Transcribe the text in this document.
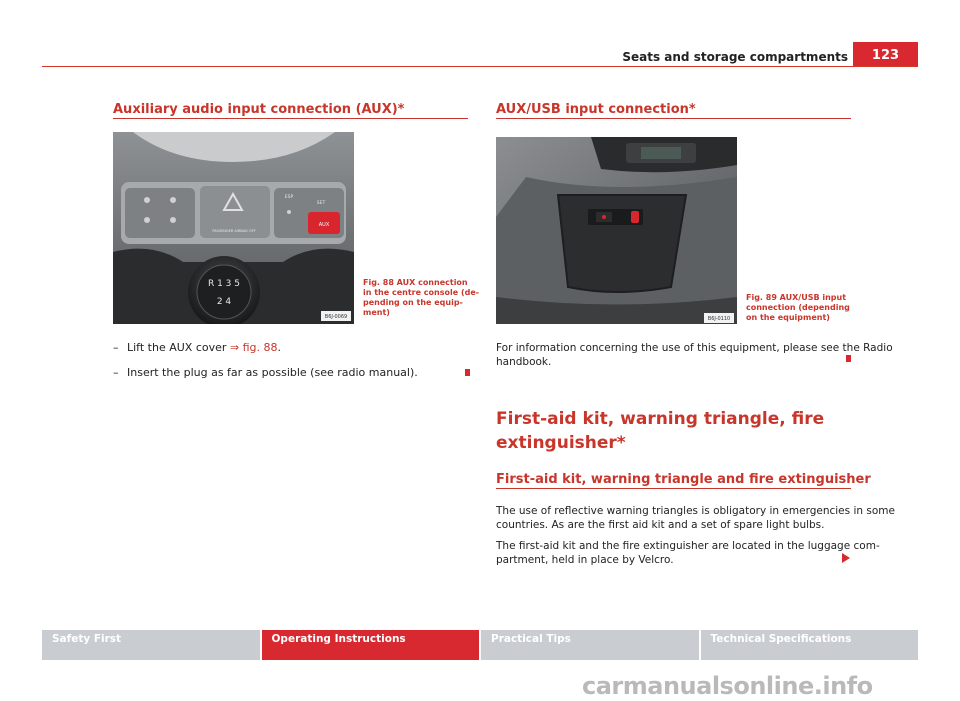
Seats and storage compartments	123
Auxiliary audio input connection (AUX)*
AUX
ESP
SET
PASSENGER AIRBAG OFF
R 1 3 5
2 4
B6J-0069
Fig. 88 AUX connection
in the centre console (de-
pending on the equip-
ment)
– Lift the AUX cover ⇒ fig. 88.
– Insert the plug as far as possible (see radio manual).
AUX/USB input connection*
B6J-0110
Fig. 89 AUX/USB input
connection (depending
on the equipment)
For information concerning the use of this equipment, please see the Radio
handbook.
First-aid kit, warning triangle, fire
extinguisher*
First-aid kit, warning triangle and fire extinguisher
The use of reflective warning triangles is obligatory in emergencies in some
countries. As are the first aid kit and a set of spare light bulbs.
The first-aid kit and the fire extinguisher are located in the luggage com-
partment, held in place by Velcro.
Safety First	Operating Instructions	Practical Tips	Technical Specifications
carmanualsonline.info
